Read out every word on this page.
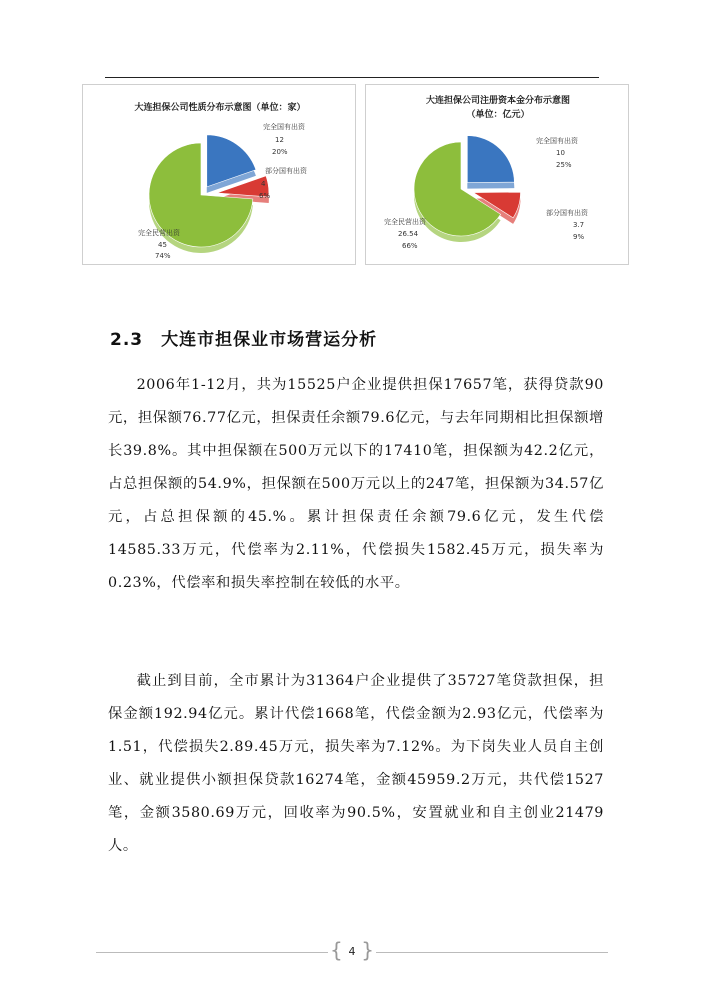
大连担保公司性质分布示意图（单位：家）
完全国有出资
12
20%
部分国有出资
4
6%
完全民营出资
45
74%
大连担保公司注册资本金分布示意图
（单位：亿元）
完全国有出资
10
25%
部分国有出资
3.7
9%
完全民营出资
26.54
66%
2.3 大连市担保业市场营运分析

2006年1-12月，共为15525户企业提供担保17657笔，获得贷款90元，担保额76.77亿元，担保责任余额79.6亿元，与去年同期相比担保额增长39.8%。其中担保额在500万元以下的17410笔，担保额为42.2亿元，占总担保额的54.9%，担保额在500万元以上的247笔，担保额为34.57亿元，占总担保额的45.%。累计担保责任余额79.6亿元，发生代偿14585.33万元，代偿率为2.11%，代偿损失1582.45万元，损失率为0.23%，代偿率和损失率控制在较低的水平。

截止到目前，全市累计为31364户企业提供了35727笔贷款担保，担保金额192.94亿元。累计代偿1668笔，代偿金额为2.93亿元，代偿率为1.51，代偿损失2.89.45万元，损失率为7.12%。为下岗失业人员自主创业、就业提供小额担保贷款16274笔，金额45959.2万元，共代偿1527笔，金额3580.69万元，回收率为90.5%，安置就业和自主创业21479人。

{ 4 }
